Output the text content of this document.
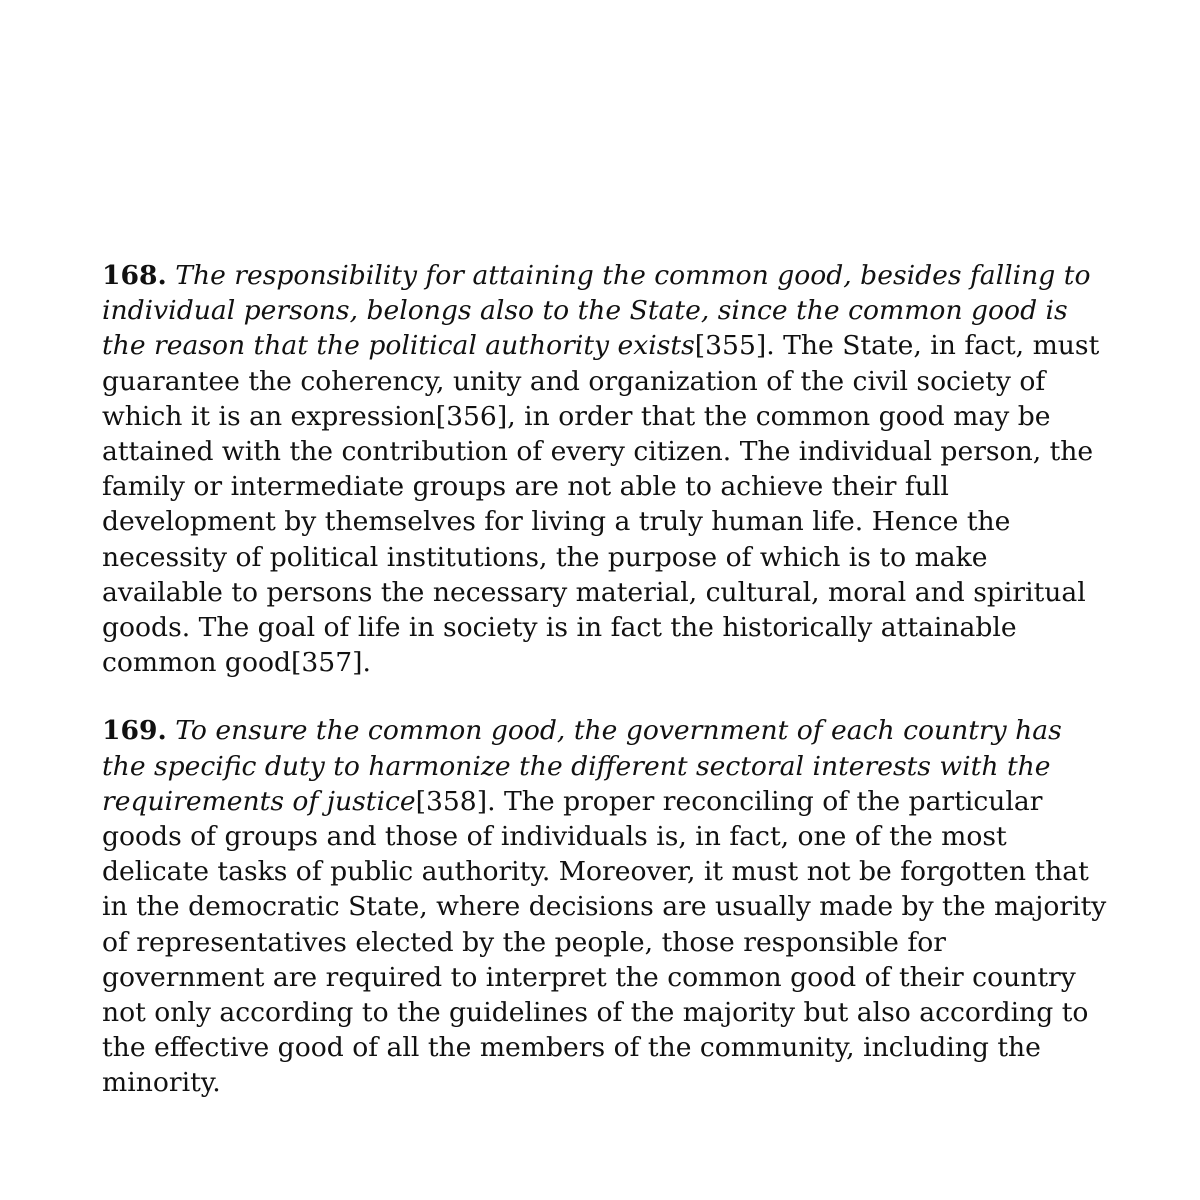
168. The responsibility for attaining the common good, besides falling to individual persons, belongs also to the State, since the common good is the reason that the political authority exists[355]. The State, in fact, must guarantee the coherency, unity and organization of the civil society of which it is an expression[356], in order that the common good may be attained with the contribution of every citizen. The individual person, the family or intermediate groups are not able to achieve their full development by themselves for living a truly human life. Hence the necessity of political institutions, the purpose of which is to make available to persons the necessary material, cultural, moral and spiritual goods. The goal of life in society is in fact the historically attainable common good[357].

169. To ensure the common good, the government of each country has the specific duty to harmonize the different sectoral interests with the requirements of justice[358]. The proper reconciling of the particular goods of groups and those of individuals is, in fact, one of the most delicate tasks of public authority. Moreover, it must not be forgotten that in the democratic State, where decisions are usually made by the majority of representatives elected by the people, those responsible for government are required to interpret the common good of their country not only according to the guidelines of the majority but also according to the effective good of all the members of the community, including the minority.
